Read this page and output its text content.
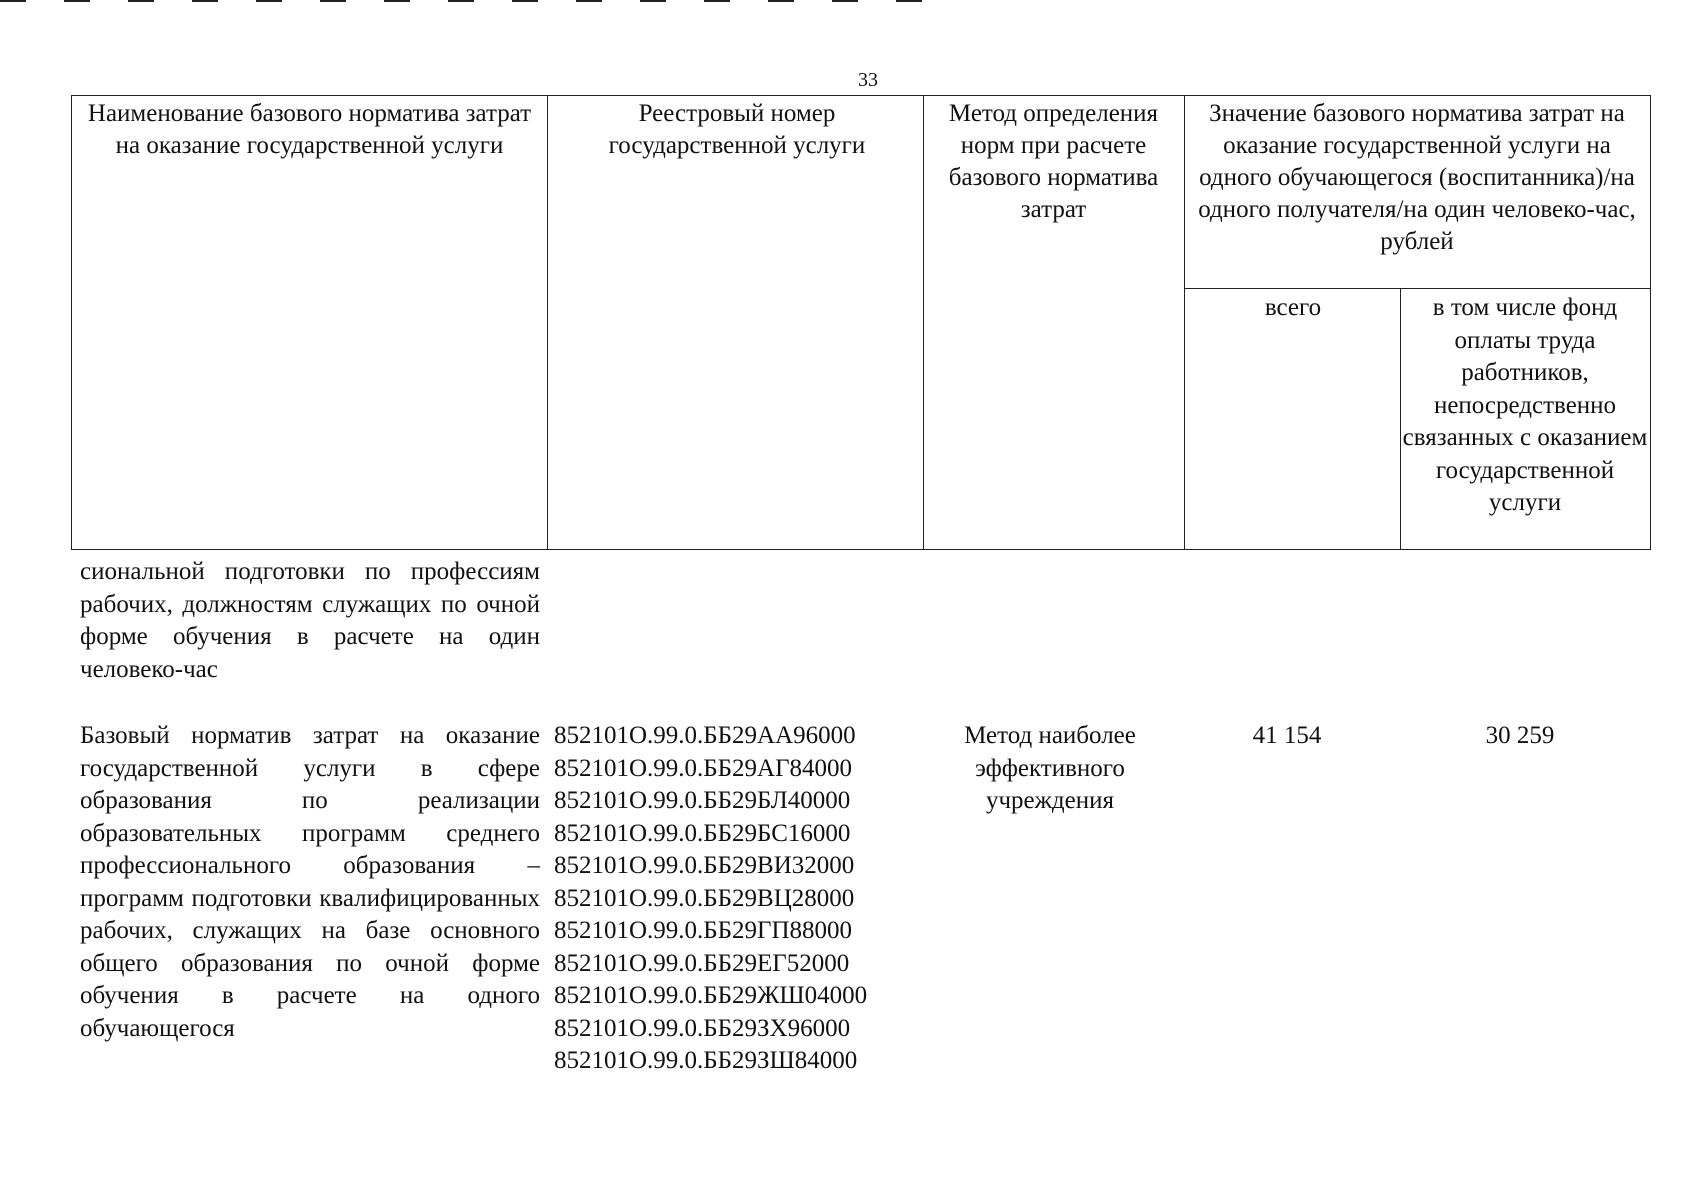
33
Наименование базового норматива затрат на оказание государственной услуги
Реестровый номер государственной услуги
Метод определения норм при расчете базового норматива затрат
Значение базового норматива затрат на оказание государственной услуги на одного обучающегося (воспитанника)/на одного получателя/на один человеко-час, рублей
всего	в том числе фонд оплаты труда работников, непосредственно связанных с оказанием государственной услуги
сиональной подготовки по профессиям рабочих, должностям служащих по очной форме обучения в расчете на один человеко-час
Базовый норматив затрат на оказание государственной услуги в сфере образования по реализации образовательных программ среднего профессионального образования – программ подготовки квалифицированных рабочих, служащих на базе основного общего образования по очной форме обучения в расчете на одного обучающегося
852101О.99.0.ББ29АА96000
852101О.99.0.ББ29АГ84000
852101О.99.0.ББ29БЛ40000
852101О.99.0.ББ29БС16000
852101О.99.0.ББ29ВИ32000
852101О.99.0.ББ29ВЦ28000
852101О.99.0.ББ29ГП88000
852101О.99.0.ББ29ЕГ52000
852101О.99.0.ББ29ЖШ04000
852101О.99.0.ББ29ЗХ96000
852101О.99.0.ББ29ЗШ84000
Метод наиболее эффективного учреждения
41 154	30 259
